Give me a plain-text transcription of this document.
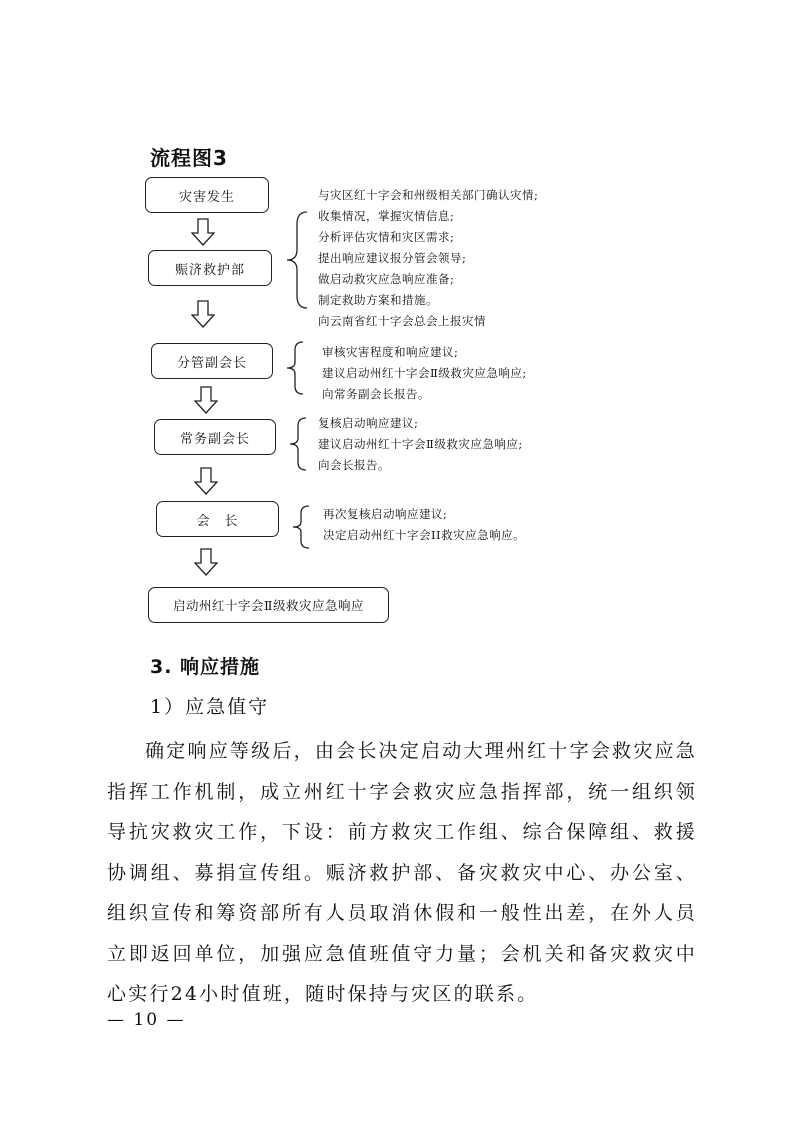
流程图3
灾害发生
赈济救护部
分管副会长
常务副会长
会　长
启动州红十字会Ⅱ级救灾应急响应
与灾区红十字会和州级相关部门确认灾情;
收集情况，掌握灾情信息;
分析评估灾情和灾区需求;
提出响应建议报分管会领导;
做启动救灾应急响应准备;
制定救助方案和措施。
向云南省红十字会总会上报灾情
审核灾害程度和响应建议;
建议启动州红十字会Ⅱ级救灾应急响应;
向常务副会长报告。
复核启动响应建议;
建议启动州红十字会Ⅱ级救灾应急响应;
向会长报告。
再次复核启动响应建议;
决定启动州红十字会II救灾应急响应。
3. 响应措施
1）应急值守
确定响应等级后，由会长决定启动大理州红十字会救灾应急指挥工作机制，成立州红十字会救灾应急指挥部，统一组织领导抗灾救灾工作，下设：前方救灾工作组、综合保障组、救援协调组、募捐宣传组。赈济救护部、备灾救灾中心、办公室、组织宣传和筹资部所有人员取消休假和一般性出差，在外人员立即返回单位，加强应急值班值守力量；会机关和备灾救灾中心实行24小时值班，随时保持与灾区的联系。
— 10 —
